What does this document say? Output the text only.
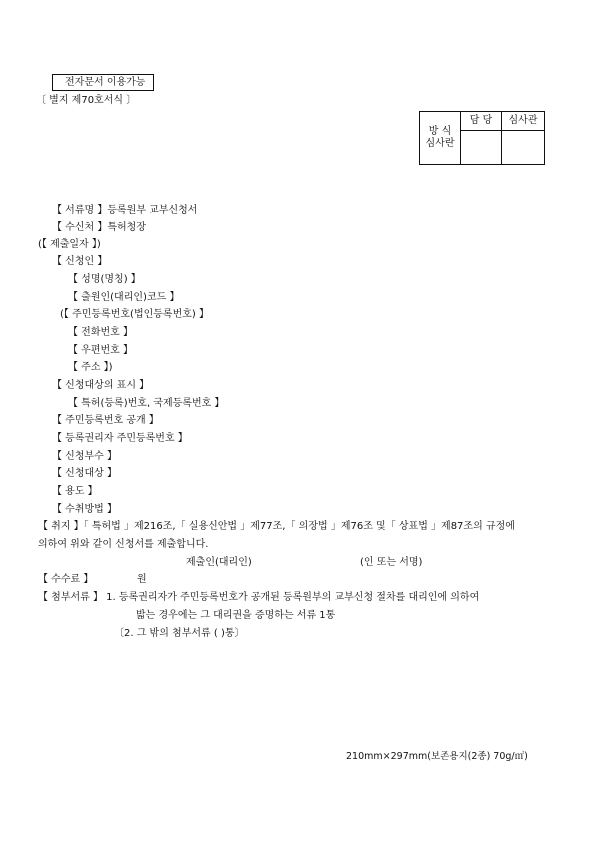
전자문서 이용가능
〔 별지 제70호서식 〕
방 식
심사란	담 당	심사관

【 서류명 】등록원부 교부신청서
【 수신처 】특허청장
(【 제출일자 】)
【 신청인 】
【 성명(명칭) 】
【 출원인(대리인)코드 】
(【 주민등록번호(법인등록번호) 】
【 전화번호 】
【 우편번호 】
【 주소 】)
【 신청대상의 표시 】
【 특허(등록)번호, 국제등록번호 】
【 주민등록번호 공개 】
【 등록권리자 주민등록번호 】
【 신청부수 】
【 신청대상 】
【 용도 】
【 수취방법 】
【 취지 】「 특허법 」제216조,「 실용신안법 」제77조,「 의장법 」제76조 및「 상표법 」제87조의 규정에
의하여 위와 같이 신청서를 제출합니다.
제출인(대리인)	(인 또는 서명)
【 수수료 】	원
【 첨부서류 】 1. 등록권리자가 주민등록번호가 공개된 등록원부의 교부신청 절차를 대리인에 의하여
밟는 경우에는 그 대리권을 증명하는 서류 1통
〔2. 그 밖의 첨부서류 ( )통〕
210mm×297mm(보존용지(2종) 70g/㎡)
